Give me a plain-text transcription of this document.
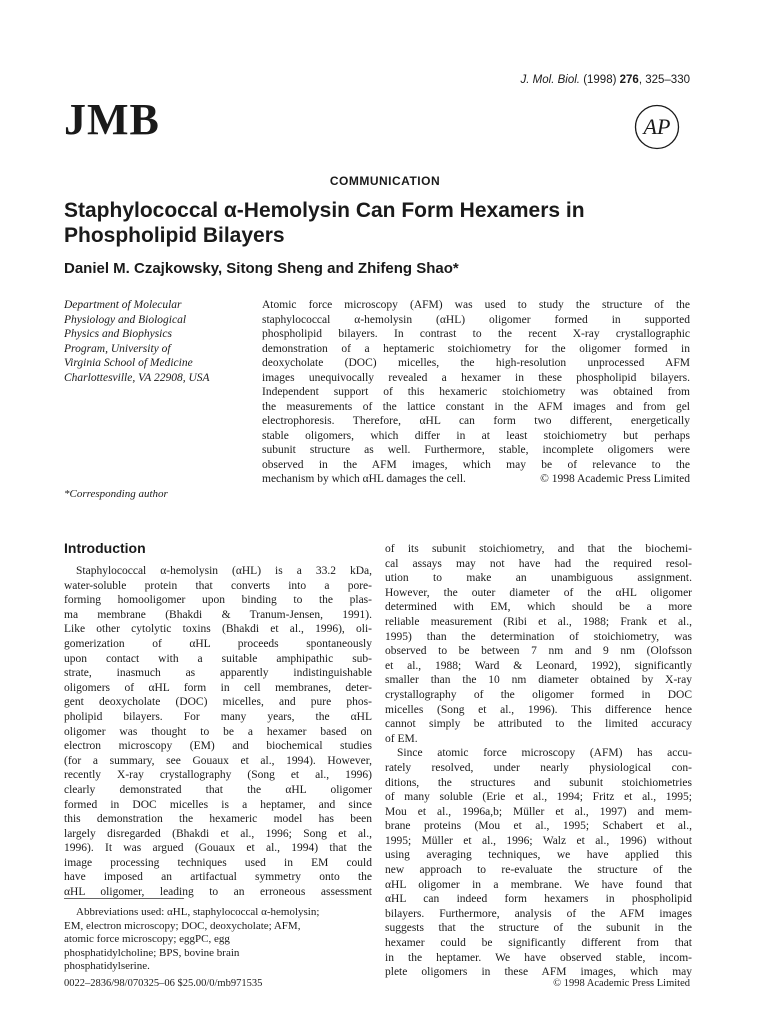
J. Mol. Biol. (1998) 276, 325–330
JMB	AP
COMMUNICATION
Staphylococcal α-Hemolysin Can Form Hexamers in Phospholipid Bilayers
Daniel M. Czajkowsky, Sitong Sheng and Zhifeng Shao*
Department of Molecular
Physiology and Biological
Physics and Biophysics
Program, University of
Virginia School of Medicine
Charlottesville, VA 22908, USA
Atomic force microscopy (AFM) was used to study the structure of the
staphylococcal α-hemolysin (αHL) oligomer formed in supported
phospholipid bilayers. In contrast to the recent X-ray crystallographic
demonstration of a heptameric stoichiometry for the oligomer formed in
deoxycholate (DOC) micelles, the high-resolution unprocessed AFM
images unequivocally revealed a hexamer in these phospholipid bilayers.
Independent support of this hexameric stoichiometry was obtained from
the measurements of the lattice constant in the AFM images and from gel
electrophoresis. Therefore, αHL can form two different, energetically
stable oligomers, which differ in at least stoichiometry but perhaps
subunit structure as well. Furthermore, stable, incomplete oligomers were
observed in the AFM images, which may be of relevance to the
mechanism by which αHL damages the cell.	© 1998 Academic Press Limited
*Corresponding author
Introduction
Staphylococcal α-hemolysin (αHL) is a 33.2 kDa,
water-soluble protein that converts into a pore-
forming homooligomer upon binding to the plas-
ma membrane (Bhakdi & Tranum-Jensen, 1991).
Like other cytolytic toxins (Bhakdi et al., 1996), oli-
gomerization of αHL proceeds spontaneously
upon contact with a suitable amphipathic sub-
strate, inasmuch as apparently indistinguishable
oligomers of αHL form in cell membranes, deter-
gent deoxycholate (DOC) micelles, and pure phos-
pholipid bilayers. For many years, the αHL
oligomer was thought to be a hexamer based on
electron microscopy (EM) and biochemical studies
(for a summary, see Gouaux et al., 1994). However,
recently X-ray crystallography (Song et al., 1996)
clearly demonstrated that the αHL oligomer
formed in DOC micelles is a heptamer, and since
this demonstration the hexameric model has been
largely disregarded (Bhakdi et al., 1996; Song et al.,
1996). It was argued (Gouaux et al., 1994) that the
image processing techniques used in EM could
have imposed an artifactual symmetry onto the
αHL oligomer, leading to an erroneous assessment
of its subunit stoichiometry, and that the biochemi-
cal assays may not have had the required resol-
ution to make an unambiguous assignment.
However, the outer diameter of the αHL oligomer
determined with EM, which should be a more
reliable measurement (Ribi et al., 1988; Frank et al.,
1995) than the determination of stoichiometry, was
observed to be between 7 nm and 9 nm (Olofsson
et al., 1988; Ward & Leonard, 1992), significantly
smaller than the 10 nm diameter obtained by X-ray
crystallography of the oligomer formed in DOC
micelles (Song et al., 1996). This difference hence
cannot simply be attributed to the limited accuracy
of EM.
Since atomic force microscopy (AFM) has accu-
rately resolved, under nearly physiological con-
ditions, the structures and subunit stoichiometries
of many soluble (Erie et al., 1994; Fritz et al., 1995;
Mou et al., 1996a,b; Müller et al., 1997) and mem-
brane proteins (Mou et al., 1995; Schabert et al.,
1995; Müller et al., 1996; Walz et al., 1996) without
using averaging techniques, we have applied this
new approach to re-evaluate the structure of the
αHL oligomer in a membrane. We have found that
αHL can indeed form hexamers in phospholipid
bilayers. Furthermore, analysis of the AFM images
suggests that the structure of the subunit in the
hexamer could be significantly different from that
in the heptamer. We have observed stable, incom-
plete oligomers in these AFM images, which may
Abbreviations used: αHL, staphylococcal α-hemolysin;
EM, electron microscopy; DOC, deoxycholate; AFM,
atomic force microscopy; eggPC, egg
phosphatidylcholine; BPS, bovine brain
phosphatidylserine.
0022–2836/98/070325–06 $25.00/0/mb971535	© 1998 Academic Press Limited
